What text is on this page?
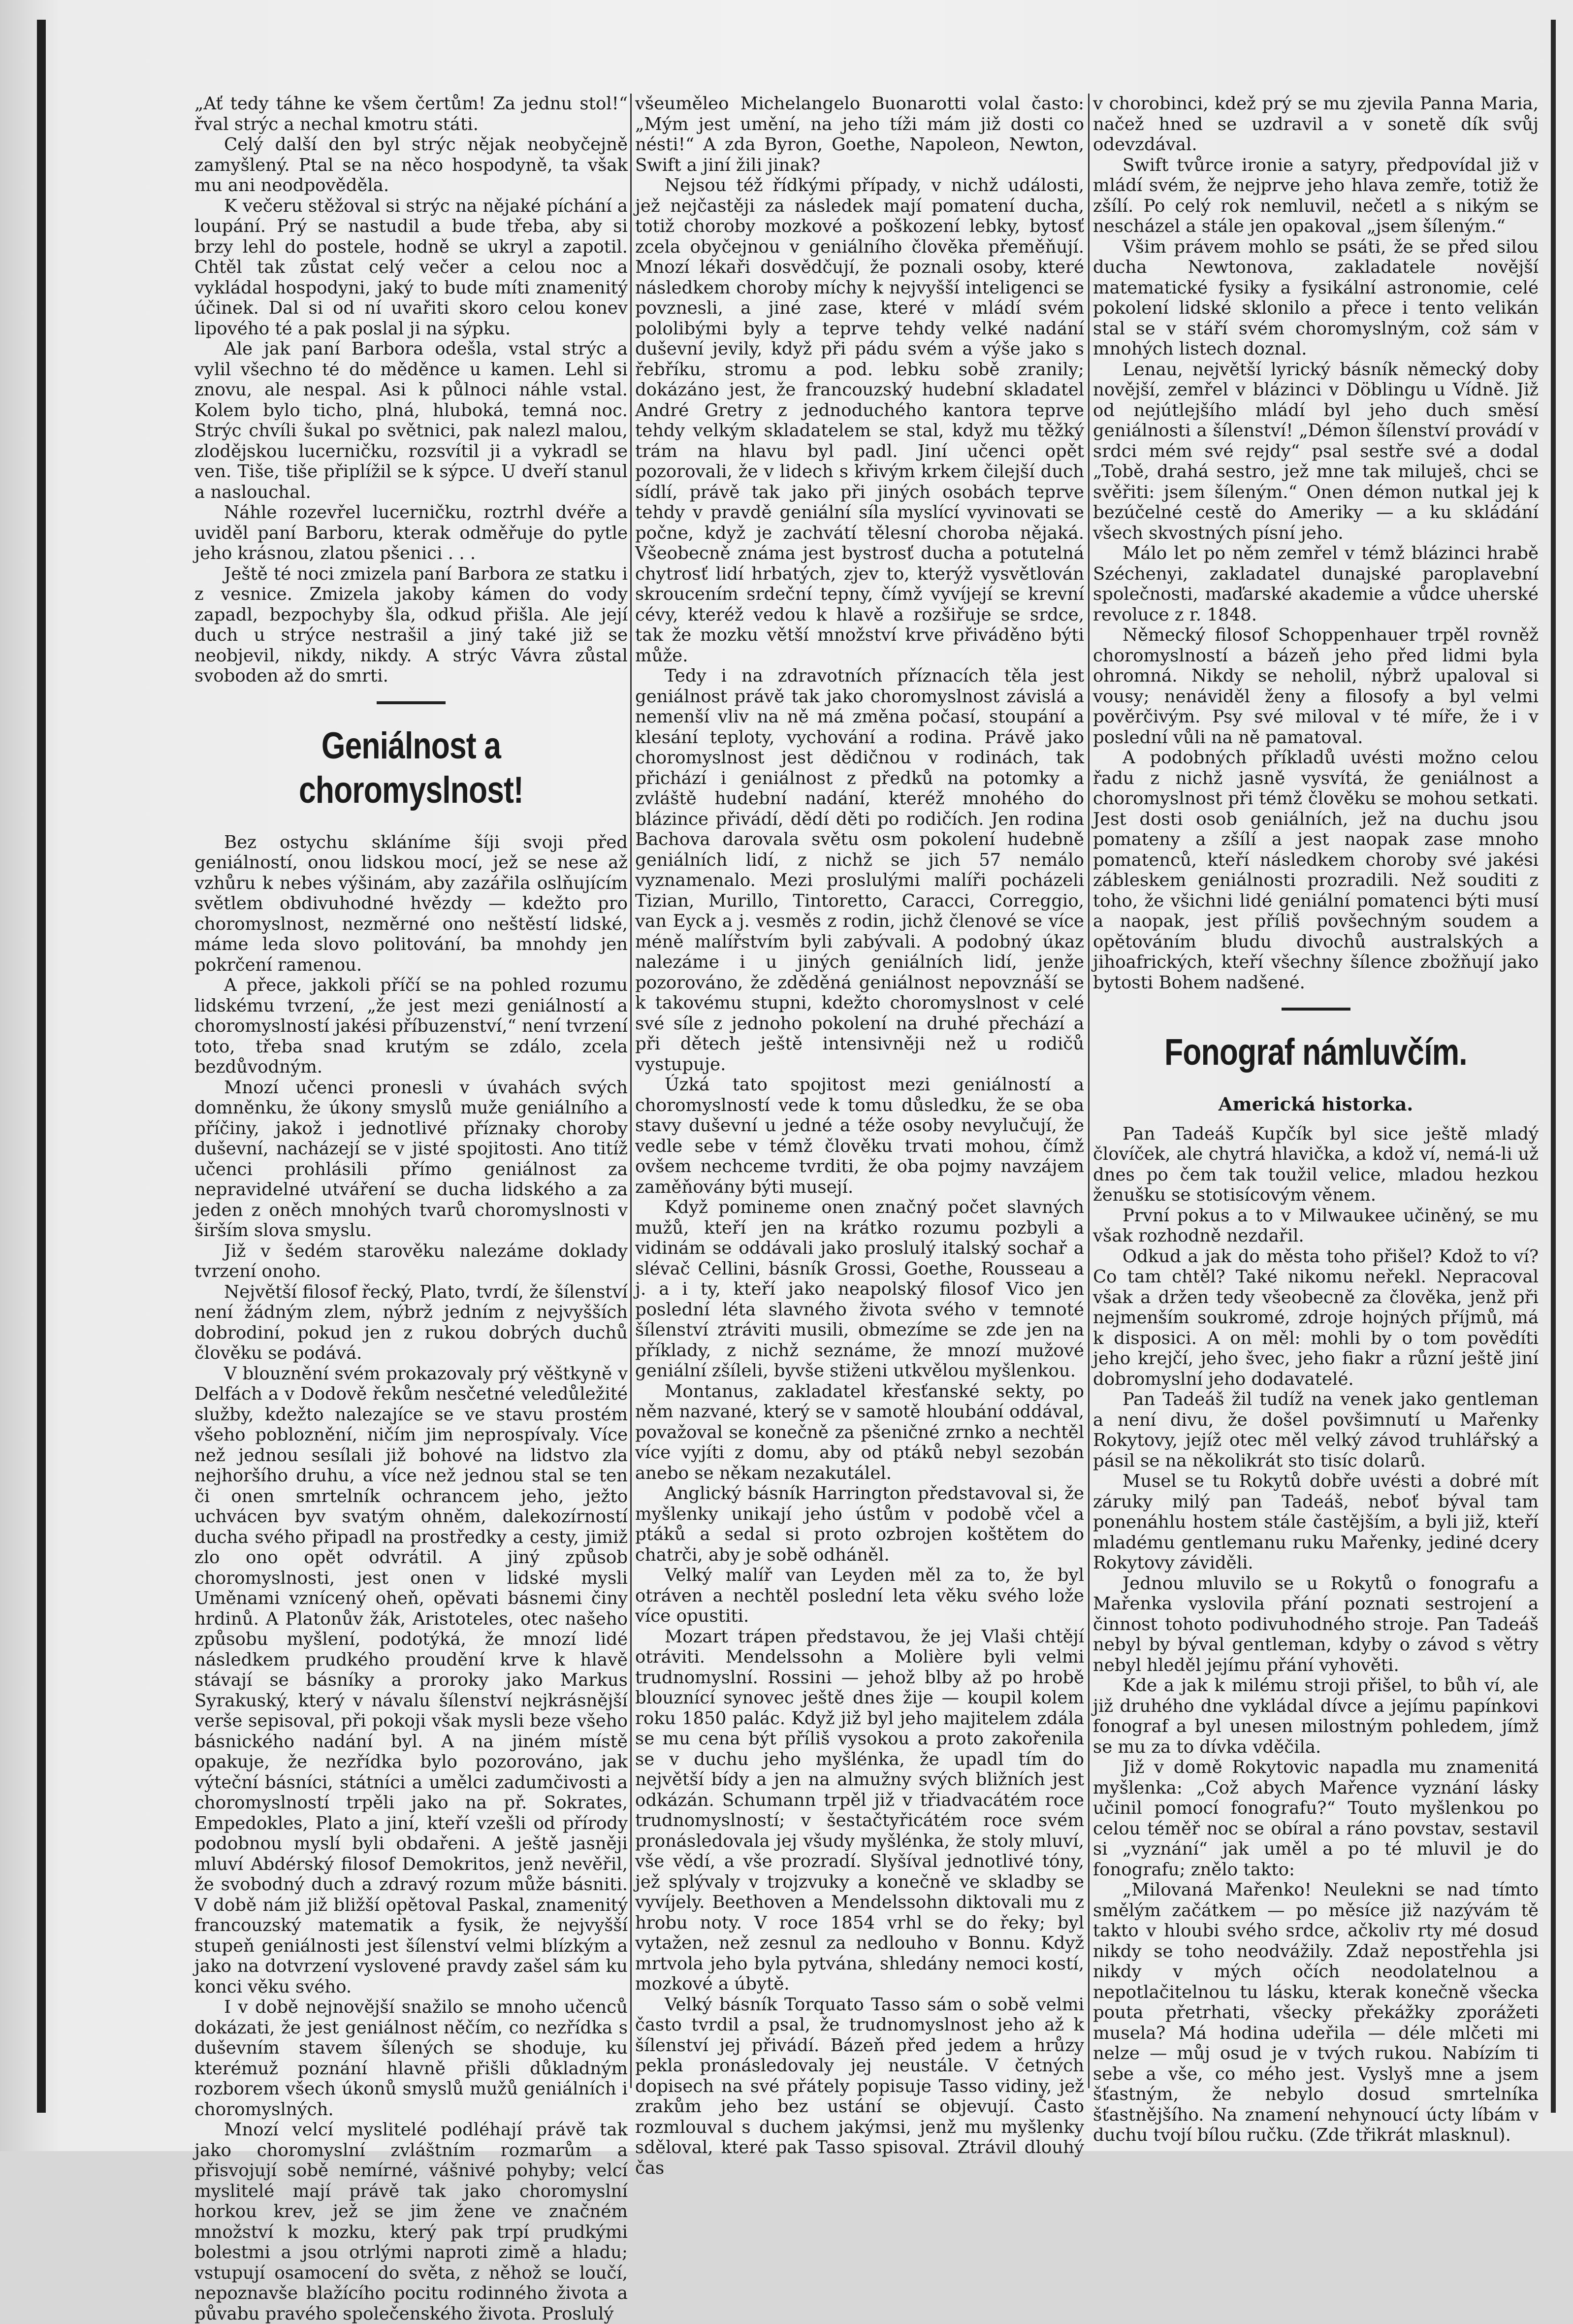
„Ať tedy táhne ke všem čertům! Za jednu stol!“ řval strýc a nechal kmotru státi.

Celý další den byl strýc nějak neobyčejně zamyšlený. Ptal se na něco hospodyně, ta však mu ani neodpověděla.

K večeru stěžoval si strýc na nějaké píchání a loupání. Prý se nastudil a bude třeba, aby si brzy lehl do postele, hodně se ukryl a zapotil. Chtěl tak zůstat celý večer a celou noc a vykládal hospodyni, jaký to bude míti znamenitý účinek. Dal si od ní uvařiti skoro celou konev lipového té a pak poslal ji na sýpku.

Ale jak paní Barbora odešla, vstal strýc a vylil všechno té do měděnce u kamen. Lehl si znovu, ale nespal. Asi k půlnoci náhle vstal. Kolem bylo ticho, plná, hluboká, temná noc. Strýc chvíli šukal po světnici, pak nalezl malou, zlodějskou lucerničku, rozsvítil ji a vykradl se ven. Tiše, tiše připlížil se k sýpce. U dveří stanul a naslouchal.

Náhle rozevřel lucerničku, roztrhl dvéře a uviděl paní Barboru, kterak odměřuje do pytle jeho krásnou, zlatou pšenici . . .

Ještě té noci zmizela paní Barbora ze statku i z vesnice. Zmizela jakoby kámen do vody zapadl, bezpochyby šla, odkud přišla. Ale její duch u strýce nestrašil a jiný také již se neobjevil, nikdy, nikdy. A strýc Vávra zůstal svoboden až do smrti.

Geniálnost a choromyslnost!

Bez ostychu skláníme šíji svoji před geniálností, onou lidskou mocí, jež se nese až vzhůru k nebes výšinám, aby zazářila oslňujícím světlem obdivuhodné hvězdy — kdežto pro choromyslnost, nezměrné ono neštěstí lidské, máme leda slovo politování, ba mnohdy jen pokrčení ramenou.

A přece, jakkoli příčí se na pohled rozumu lidskému tvrzení, „že jest mezi geniálností a choromyslností jakési příbuzenství,“ není tvrzení toto, třeba snad krutým se zdálo, zcela bezdůvodným.

Mnozí učenci pronesli v úvahách svých domněnku, že úkony smyslů muže geniálního a příčiny, jakož i jednotlivé příznaky choroby duševní, nacházejí se v jisté spojitosti. Ano titíž učenci prohlásili přímo geniálnost za nepravidelné utváření se ducha lidského a za jeden z oněch mnohých tvarů choromyslnosti v širším slova smyslu.

Již v šedém starověku nalezáme doklady tvrzení onoho.

Největší filosof řecký, Plato, tvrdí, že šílenství není žádným zlem, nýbrž jedním z nejvyšších dobrodiní, pokud jen z rukou dobrých duchů člověku se podává.

V blouznění svém prokazovaly prý věštkyně v Delfách a v Dodově řekům nesčetné veledůležité služby, kdežto nalezajíce se ve stavu prostém všeho pobloznění, ničím jim neprospívaly. Více než jednou sesílali již bohové na lidstvo zla nejhoršího druhu, a více než jednou stal se ten či onen smrtelník ochrancem jeho, ježto uchvácen byv svatým ohněm, dalekozírností ducha svého připadl na prostředky a cesty, jimiž zlo ono opět odvrátil. A jiný způsob choromyslnosti, jest onen v lidské mysli Uměnami vznícený oheň, opěvati básnemi činy hrdinů. A Platonův žák, Aristoteles, otec našeho způsobu myšlení, podotýká, že mnozí lidé následkem prudkého proudění krve k hlavě stávají se básníky a proroky jako Markus Syrakuský, který v návalu šílenství nejkrásnější verše sepisoval, při pokoji však mysli beze všeho básnického nadání byl. A na jiném místě opakuje, že nezřídka bylo pozorováno, jak výteční básníci, státníci a umělci zadumčivosti a choromyslností trpěli jako na př. Sokrates, Empedokles, Plato a jiní, kteří vzešli od přírody podobnou myslí byli obdařeni. A ještě jasněji mluví Abdérský filosof Demokritos, jenž nevěřil, že svobodný duch a zdravý rozum může básniti. V době nám již bližší opětoval Paskal, znamenitý francouzský matematik a fysik, že nejvyšší stupeň geniálnosti jest šílenství velmi blízkým a jako na dotvrzení vyslovené pravdy zašel sám ku konci věku svého.

I v době nejnovější snažilo se mnoho učenců dokázati, že jest geniálnost něčím, co nezřídka s duševním stavem šílených se shoduje, ku kterémuž poznání hlavně přišli důkladným rozborem všech úkonů smyslů mužů geniálních i choromyslných.

Mnozí velcí myslitelé podléhají právě tak jako choromyslní zvláštním rozmarům a přisvojují sobě nemírné, vášnivé pohyby; velcí myslitelé mají právě tak jako choromyslní horkou krev, jež se jim žene ve značném množství k mozku, který pak trpí prudkými bolestmi a jsou otrlými naproti zimě a hladu; vstupují osamocení do světa, z něhož se loučí, nepoznavše blažícího pocitu rodinného života a půvabu pravého společenského života. Proslulý

všeuměleo Michelangelo Buonarotti volal často: „Mým jest umění, na jeho tíži mám již dosti co nésti!“ A zda Byron, Goethe, Napoleon, Newton, Swift a jiní žili jinak?

Nejsou též řídkými případy, v nichž události, jež nejčastěji za následek mají pomatení ducha, totiž choroby mozkové a poškození lebky, bytosť zcela obyčejnou v geniálního člověka přeměňují. Mnozí lékaři dosvědčují, že poznali osoby, které následkem choroby míchy k nejvyšší inteligenci se povznesli, a jiné zase, které v mládí svém pololibými byly a teprve tehdy velké nadání duševní jevily, když při pádu svém a výše jako s řebříku, stromu a pod. lebku sobě zranily; dokázáno jest, že francouzský hudební skladatel André Gretry z jednoduchého kantora teprve tehdy velkým skladatelem se stal, když mu těžký trám na hlavu byl padl. Jiní učenci opět pozorovali, že v lidech s křivým krkem čilejší duch sídlí, právě tak jako při jiných osobách teprve tehdy v pravdě geniální síla myslící vyvinovati se počne, když je zachvátí tělesní choroba nějaká. Všeobecně známa jest bystrosť ducha a potutelná chytrosť lidí hrbatých, zjev to, kterýž vysvětlován skroucením srdeční tepny, čímž vyvíjejí se krevní cévy, kteréž vedou k hlavě a rozšiřuje se srdce, tak že mozku větší množství krve přiváděno býti může.

Tedy i na zdravotních příznacích těla jest geniálnost právě tak jako choromyslnost závislá a nemenší vliv na ně má změna počasí, stoupání a klesání teploty, vychování a rodina. Právě jako choromyslnost jest dědičnou v rodinách, tak přichází i geniálnost z předků na potomky a zvláště hudební nadání, kteréž mnohého do blázince přivádí, dědí děti po rodičích. Jen rodina Bachova darovala světu osm pokolení hudebně geniálních lidí, z nichž se jich 57 nemálo vyznamenalo. Mezi proslulými malíři pocházeli Tizian, Murillo, Tintoretto, Caracci, Correggio, van Eyck a j. vesměs z rodin, jichž členové se více méně malířstvím byli zabývali. A podobný úkaz nalezáme i u jiných geniálních lidí, jenže pozorováno, že zděděná geniálnost nepovznáší se k takovému stupni, kdežto choromyslnost v celé své síle z jednoho pokolení na druhé přechází a při dětech ještě intensivněji než u rodičů vystupuje.

Úzká tato spojitost mezi geniálností a choromyslností vede k tomu důsledku, že se oba stavy duševní u jedné a téže osoby nevylučují, že vedle sebe v témž člověku trvati mohou, čímž ovšem nechceme tvrditi, že oba pojmy navzájem zaměňovány býti musejí.

Když pomineme onen značný počet slavných mužů, kteří jen na krátko rozumu pozbyli a vidinám se oddávali jako proslulý italský sochař a slévač Cellini, básník Grossi, Goethe, Rousseau a j. a i ty, kteří jako neapolský filosof Vico jen poslední léta slavného života svého v temnoté šílenství ztráviti musili, obmezíme se zde jen na příklady, z nichž seznáme, že mnozí mužové geniální zšíleli, byvše stiženi utkvělou myšlenkou.

Montanus, zakladatel křesťanské sekty, po něm nazvané, který se v samotě hloubání oddával, považoval se konečně za pšeničné zrnko a nechtěl více vyjíti z domu, aby od ptáků nebyl sezobán anebo se někam nezakutálel.

Anglický básník Harrington představoval si, že myšlenky unikají jeho ústům v podobě včel a ptáků a sedal si proto ozbrojen koštětem do chatrči, aby je sobě odháněl.

Velký malíř van Leyden měl za to, že byl otráven a nechtěl poslední leta věku svého lože více opustiti.

Mozart trápen představou, že jej Vlaši chtějí otráviti. Mendelssohn a Molière byli velmi trudnomyslní. Rossini — jehož blby až po hrobě blouznící synovec ještě dnes žije — koupil kolem roku 1850 palác. Když již byl jeho majitelem zdála se mu cena být příliš vysokou a proto zakořenila se v duchu jeho myšlénka, že upadl tím do největší bídy a jen na almužny svých bližních jest odkázán. Schumann trpěl již v třiadvacátém roce trudnomyslností; v šestačtyřicátém roce svém pronásledovala jej všudy myšlénka, že stoly mluví, vše vědí, a vše prozradí. Slyšíval jednotlivé tóny, jež splývaly v trojzvuky a konečně ve skladby se vyvíjely. Beethoven a Mendelssohn diktovali mu z hrobu noty. V roce 1854 vrhl se do řeky; byl vytažen, než zesnul za nedlouho v Bonnu. Když mrtvola jeho byla pytvána, shledány nemoci kostí, mozkové a úbytě.

Velký básník Torquato Tasso sám o sobě velmi často tvrdil a psal, že trudnomyslnost jeho až k šílenství jej přivádí. Bázeň před jedem a hrůzy pekla pronásledovaly jej neustále. V četných dopisech na své přátely popisuje Tasso vidiny, jež zrakům jeho bez ustání se objevují. Často rozmlouval s duchem jakýmsi, jenž mu myšlenky sděloval, které pak Tasso spisoval. Ztrávil dlouhý čas

v chorobinci, kdež prý se mu zjevila Panna Maria, načež hned se uzdravil a v sonetě dík svůj odevzdával.

Swift tvůrce ironie a satyry, předpovídal již v mládí svém, že nejprve jeho hlava zemře, totiž že zšílí. Po celý rok nemluvil, nečetl a s nikým se nescházel a stále jen opakoval „jsem šíleným.“

Všim právem mohlo se psáti, že se před silou ducha Newtonova, zakladatele novější matematické fysiky a fysikální astronomie, celé pokolení lidské sklonilo a přece i tento velikán stal se v stáří svém choromyslným, což sám v mnohých listech doznal.

Lenau, největší lyrický básník německý doby novější, zemřel v blázinci v Döblingu u Vídně. Již od nejútlejšího mládí byl jeho duch směsí geniálnosti a šílenství! „Démon šílenství provádí v srdci mém své rejdy“ psal sestře své a dodal „Tobě, drahá sestro, jež mne tak miluješ, chci se svěřiti: jsem šíleným.“ Onen démon nutkal jej k bezúčelné cestě do Ameriky — a ku skládání všech skvostných písní jeho.

Málo let po něm zemřel v témž blázinci hrabě Széchenyi, zakladatel dunajské paroplavební společnosti, maďarské akademie a vůdce uherské revoluce z r. 1848.

Německý filosof Schoppenhauer trpěl rovněž choromyslností a bázeň jeho před lidmi byla ohromná. Nikdy se neholil, nýbrž upaloval si vousy; nenáviděl ženy a filosofy a byl velmi pověrčivým. Psy své miloval v té míře, že i v poslední vůli na ně pamatoval.

A podobných příkladů uvésti možno celou řadu z nichž jasně vysvítá, že geniálnost a choromyslnost při témž člověku se mohou setkati. Jest dosti osob geniálních, jež na duchu jsou pomateny a zšílí a jest naopak zase mnoho pomatenců, kteří následkem choroby své jakési zábleskem geniálnosti prozradili. Než souditi z toho, že všichni lidé geniální pomatenci býti musí a naopak, jest příliš povšechným soudem a opětováním bludu divochů australských a jihoafrických, kteří všechny šílence zbožňují jako bytosti Bohem nadšené.

Fonograf námluvčím.
Americká historka.

Pan Tadeáš Kupčík byl sice ještě mladý človíček, ale chytrá hlavička, a kdož ví, nemá-li už dnes po čem tak toužil velice, mladou hezkou ženušku se stotisícovým věnem.

První pokus a to v Milwaukee učiněný, se mu však rozhodně nezdařil.

Odkud a jak do města toho přišel? Kdož to ví? Co tam chtěl? Také nikomu neřekl. Nepracoval však a držen tedy všeobecně za člověka, jenž při nejmenším soukromé, zdroje hojných příjmů, má k disposici. A on měl: mohli by o tom povědíti jeho krejčí, jeho švec, jeho fiakr a různí ještě jiní dobromyslní jeho dodavatelé.

Pan Tadeáš žil tudíž na venek jako gentleman a není divu, že došel povšimnutí u Mařenky Rokytovy, jejíž otec měl velký závod truhlářský a pásil se na několikrát sto tisíc dolarů.

Musel se tu Rokytů dobře uvésti a dobré mít záruky milý pan Tadeáš, neboť býval tam ponenáhlu hostem stále častějším, a byli již, kteří mladému gentlemanu ruku Mařenky, jediné dcery Rokytovy záviděli.

Jednou mluvilo se u Rokytů o fonografu a Mařenka vyslovila přání poznati sestrojení a činnost tohoto podivuhodného stroje. Pan Tadeáš nebyl by býval gentleman, kdyby o závod s větry nebyl hleděl jejímu přání vyhověti.

Kde a jak k milému stroji přišel, to bůh ví, ale již druhého dne vykládal dívce a jejímu papínkovi fonograf a byl unesen milostným pohledem, jímž se mu za to dívka vděčila.

Již v domě Rokytovic napadla mu znamenitá myšlenka: „Což abych Mařence vyznání lásky učinil pomocí fonografu?“ Touto myšlenkou po celou téměř noc se obíral a ráno povstav, sestavil si „vyznání“ jak uměl a po té mluvil je do fonografu; znělo takto:

„Milovaná Mařenko! Neulekni se nad tímto smělým začátkem — po měsíce již nazývám tě takto v hloubi svého srdce, ačkoliv rty mé dosud nikdy se toho neodvážily. Zdaž nepostřehla jsi nikdy v mých očích neodolatelnou a nepotlačitelnou tu lásku, kterak konečně všecka pouta přetrhati, všecky překážky zporážeti musela? Má hodina udeřila — déle mlčeti mi nelze — můj osud je v tvých rukou. Nabízím ti sebe a vše, co mého jest. Vyslyš mne a jsem šťastným, že nebylo dosud smrtelníka šťastnějšího. Na znamení nehynoucí úcty líbám v duchu tvojí bílou ručku. (Zde třikrát mlasknul).
